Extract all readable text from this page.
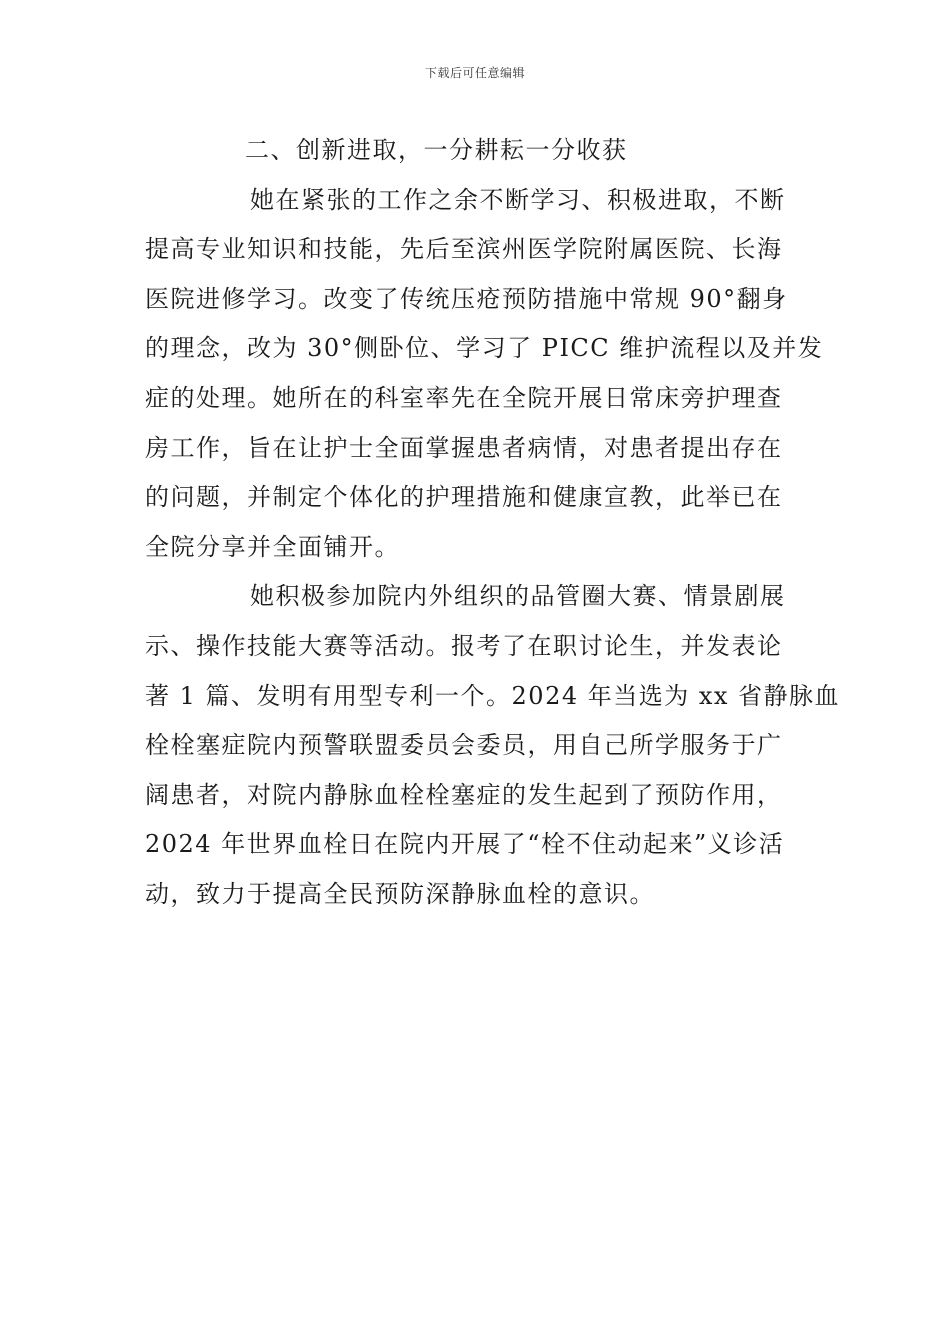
下载后可任意编辑
二、创新进取，一分耕耘一分收获
她在紧张的工作之余不断学习、积极进取，不断
提高专业知识和技能，先后至滨州医学院附属医院、长海
医院进修学习。改变了传统压疮预防措施中常规 90°翻身
的理念，改为 30°侧卧位、学习了 PICC 维护流程以及并发
症的处理。她所在的科室率先在全院开展日常床旁护理查
房工作，旨在让护士全面掌握患者病情，对患者提出存在
的问题，并制定个体化的护理措施和健康宣教，此举已在
全院分享并全面铺开。
她积极参加院内外组织的品管圈大赛、情景剧展
示、操作技能大赛等活动。报考了在职讨论生，并发表论
著 1 篇、发明有用型专利一个。2024 年当选为 xx 省静脉血
栓栓塞症院内预警联盟委员会委员，用自己所学服务于广
阔患者，对院内静脉血栓栓塞症的发生起到了预防作用，
2024 年世界血栓日在院内开展了“栓不住动起来”义诊活
动，致力于提高全民预防深静脉血栓的意识。
